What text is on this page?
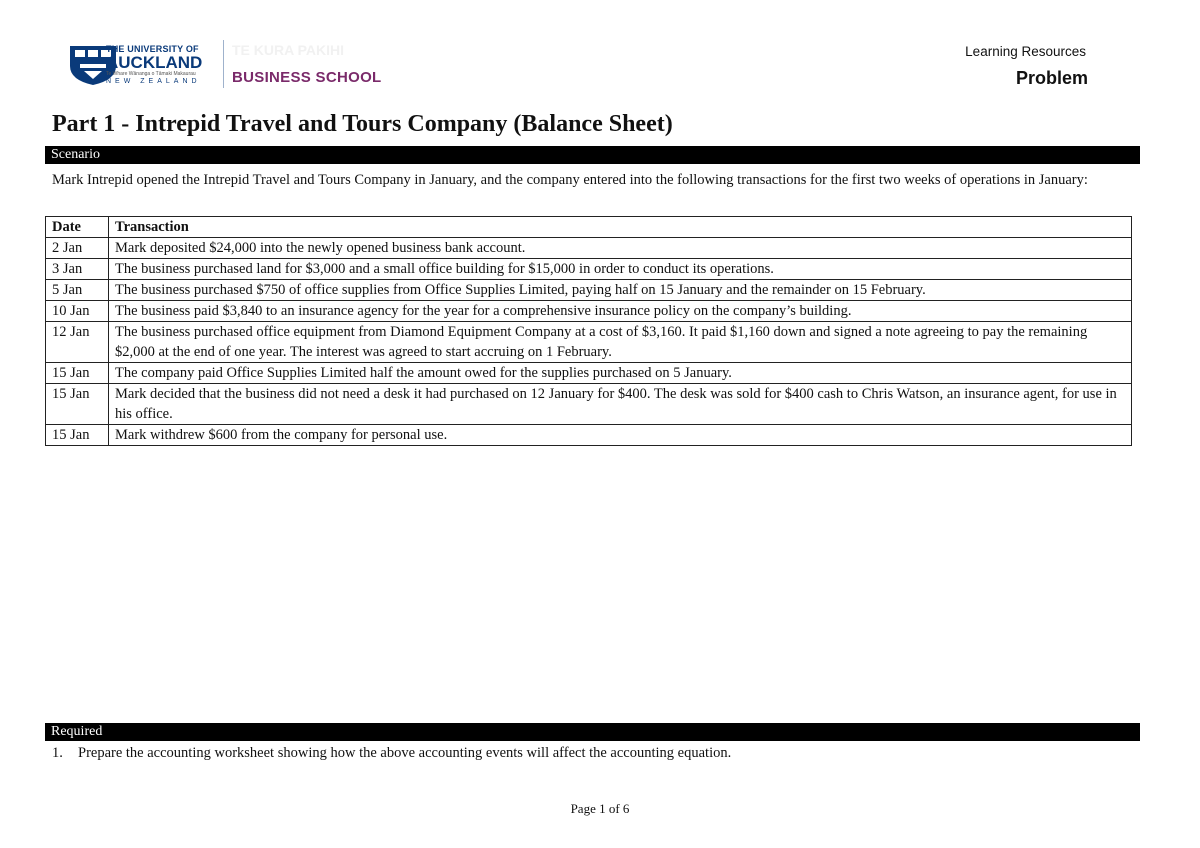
THE UNIVERSITY OF
AUCKLAND
Te Whare Wānanga o Tāmaki Makaurau
NEW ZEALAND
TE KURA PAKIHI
BUSINESS SCHOOL
Learning Resources
Problem
Part 1 - Intrepid Travel and Tours Company (Balance Sheet)
Scenario
Mark Intrepid opened the Intrepid Travel and Tours Company in January, and the company entered into the following transactions for the first two weeks of operations in January:
Date	Transaction
2 Jan	Mark deposited $24,000 into the newly opened business bank account.
3 Jan	The business purchased land for $3,000 and a small office building for $15,000 in order to conduct its operations.
5 Jan	The business purchased $750 of office supplies from Office Supplies Limited, paying half on 15 January and the remainder on 15 February.
10 Jan	The business paid $3,840 to an insurance agency for the year for a comprehensive insurance policy on the company’s building.
12 Jan	The business purchased office equipment from Diamond Equipment Company at a cost of $3,160. It paid $1,160 down and signed a note agreeing to pay the remaining $2,000 at the end of one year. The interest was agreed to start accruing on 1 February.
15 Jan	The company paid Office Supplies Limited half the amount owed for the supplies purchased on 5 January.
15 Jan	Mark decided that the business did not need a desk it had purchased on 12 January for $400. The desk was sold for $400 cash to Chris Watson, an insurance agent, for use in his office.
15 Jan	Mark withdrew $600 from the company for personal use.
Required
1. Prepare the accounting worksheet showing how the above accounting events will affect the accounting equation.
Page 1 of 6
